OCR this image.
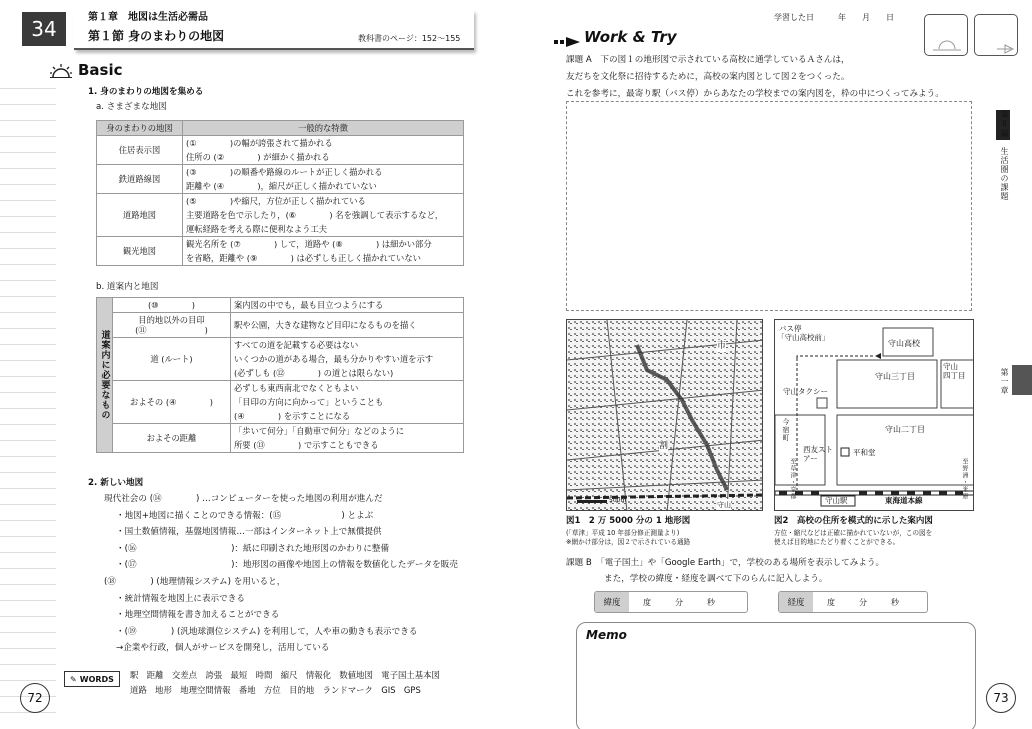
34	第１章　地図は生活必需品
第１節 身のまわりの地図	教科書のページ：152～155
Basic
1. 身のまわりの地図を集める
a. さまざまな地図
身のまわりの地図	一般的な特徴
住居表示図	(①　　　　)の幅が誇張されて描かれる
	住所の (②　　　　) が細かく描かれる
鉄道路線図	(③　　　　)の順番や路線のルートが正しく描かれる
	距離や (④　　　　)，縮尺が正しく描かれていない
道路地図	(⑤　　　　)や縮尺，方位が正しく描かれている
	主要道路を色で示したり，(⑥　　　　) 名を強調して表示するなど，
	運転経路を考える際に便利なよう工夫
観光地図	観光名所を (⑦　　　　) して，道路や (⑧　　　　) は細かい部分
	を省略，距離や (⑨　　　　) は必ずしも正しく描かれていない
b. 道案内と地図
道案内に必要なもの	(⑩　　　　)	案内図の中でも，最も目立つようにする
	目的地以外の目印 (⑪　　　　　　　)	駅や公園，大きな建物など目印になるものを描く
	道 (ルート)	すべての道を記載する必要はない
		いくつかの道がある場合，最も分かりやすい道を示す
		(必ずしも (⑫　　　　) の道とは限らない)
	およその (④　　　　)	必ずしも東西南北でなくともよい
		「目印の方向に向かって」ということも
		(④　　　　) を示すことになる
	およその距離	「歩いて何分」「自動車で何分」などのように
		所要 (⑬　　　　) で示すこともできる
2. 新しい地図
現代社会の (⑭　　　　) …コンピューターを使った地図の利用が進んだ
・地図+地図に描くことのできる情報：(⑮　　　　　　　) とよぶ
・国土数値情報，基盤地図情報…一部はインターネット上で無償提供
・(⑯　　　　　　　　　　　)：紙に印刷された地形図のかわりに整備
・(⑰　　　　　　　　　　　)：地形図の画像や地図上の情報を数値化したデータを販売
(⑱　　　　) (地理情報システム) を用いると，
・統計情報を地図上に表示できる
・地理空間情報を書き加えることができる
・(⑲　　　　) (汎地球測位システム) を利用して，人や車の動きも表示できる
→企業や行政，個人がサービスを開発し，活用している
✎ WORDS 駅　距離　交差点　誇張　最短　時間　縮尺　情報化　数値地図　電子国土基本図
道路　地形　地理空間情報　番地　方位　目的地　ランドマーク　GIS　GPS
72
学習した日　　　年　　月　　日
Work & Try
課題 A　下の図１の地形図で示されている高校に通学しているＡさんは，
友だちを文化祭に招待するために，高校の案内図として図２をつくった。
これを参考に，最寄り駅（バス停）からあなたの学校までの案内図を，枠の中につくってみよう。
500m
市
割
守山
図1　2 万 5000 分の 1 地形図
(「草津」平成 10 年部分修正測量より)
※網かけ部分は，図２で示されている通路
バス停
「守山高校前」
守山高校
守山三丁目
守山
四丁目
守山タクシー
守山二丁目
今宿町
西友ストアー
平和堂
至草津・京都	至野洲・米原
守山駅	東海道本線
図2　高校の住所を模式的に示した案内図
方位・縮尺などは正確に描かれていないが，この図を
使えば目的地にたどり着くことができる。
課題 B　「電子国土」や「Google Earth」で，学校のある場所を表示してみよう。
また，学校の緯度・経度を調べて下のらんに記入しよう。
緯度	度　　　分　　　秒	経度	度　　　分　　　秒
Memo
第Ⅱ編　生活圏の課題
第一章
73
